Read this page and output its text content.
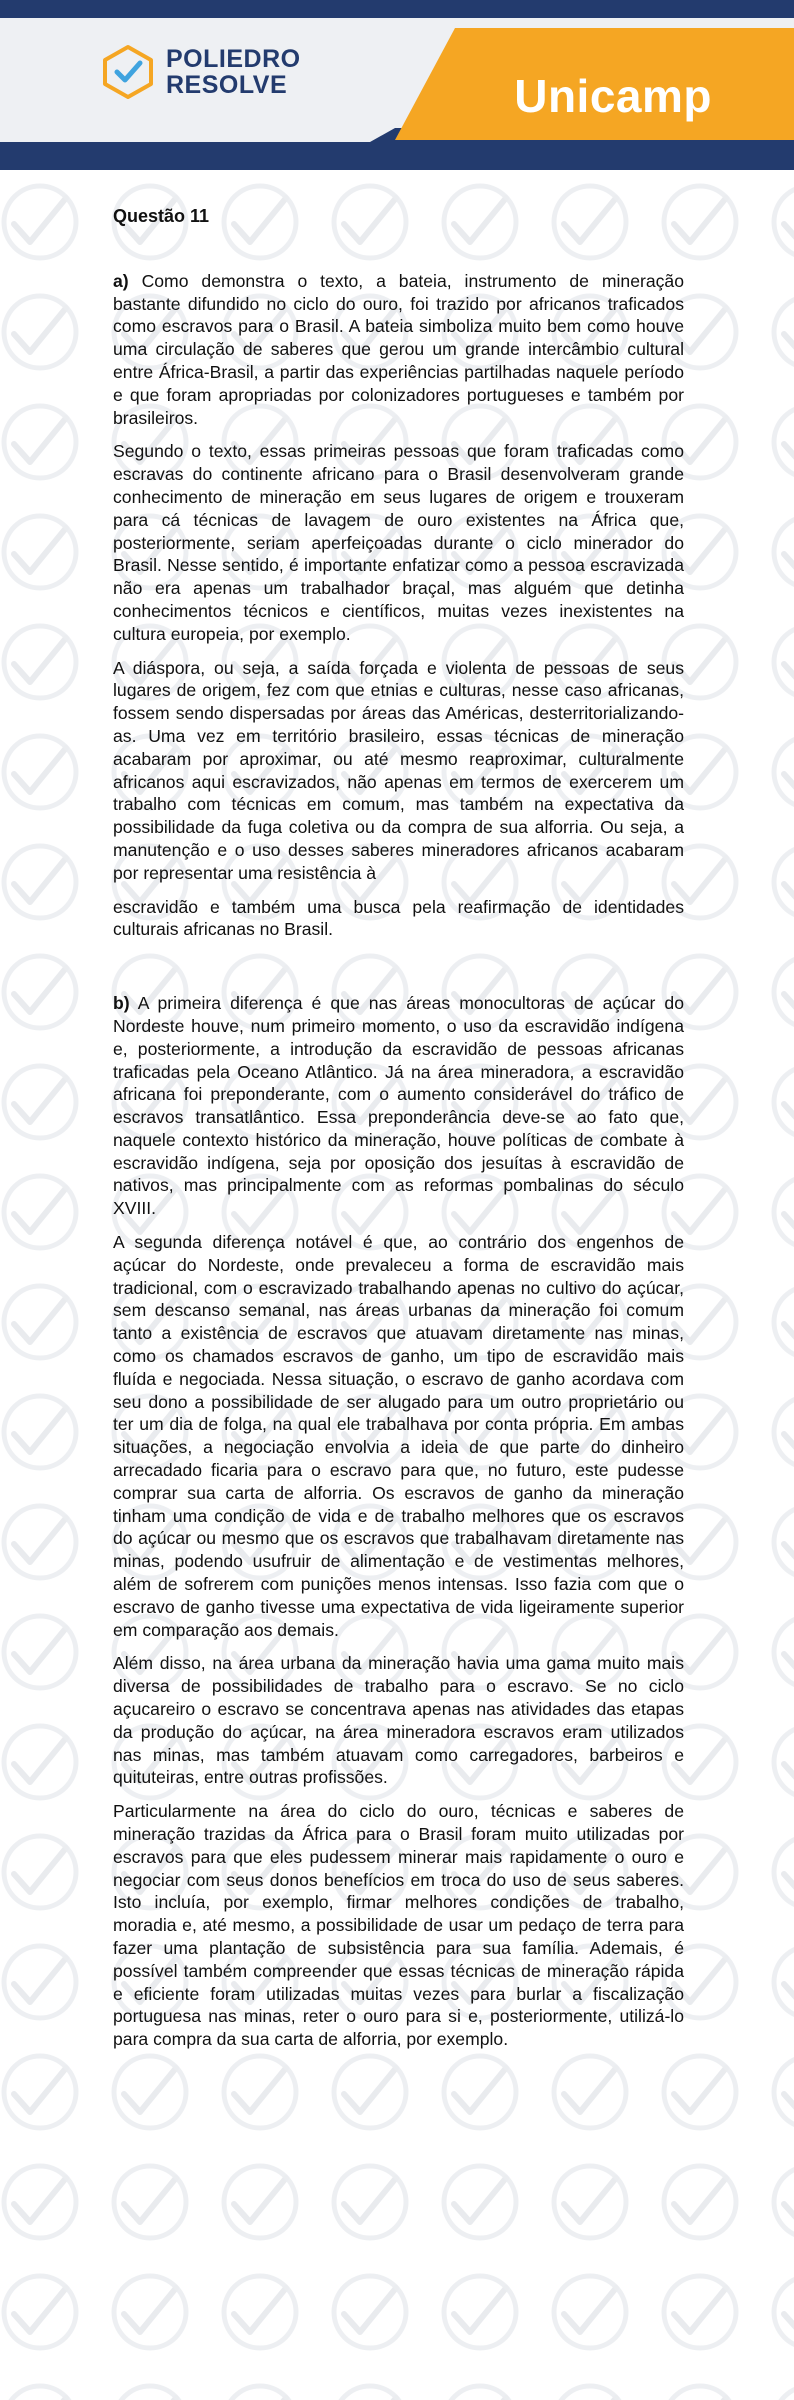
POLIEDRO
RESOLVE	Unicamp
Questão 11

a) Como demonstra o texto, a bateia, instrumento de mineração bastante difundido no ciclo do ouro, foi trazido por africanos traficados como escravos para o Brasil. A bateia simboliza muito bem como houve uma circulação de saberes que gerou um grande intercâmbio cultural entre África-Brasil, a partir das experiências partilhadas naquele período e que foram apropriadas por colonizadores portugueses e também por brasileiros.

Segundo o texto, essas primeiras pessoas que foram traficadas como escravas do continente africano para o Brasil desenvolveram grande conhecimento de mineração em seus lugares de origem e trouxeram para cá técnicas de lavagem de ouro existentes na África que, posteriormente, seriam aperfeiçoadas durante o ciclo minerador do Brasil. Nesse sentido, é importante enfatizar como a pessoa escravizada não era apenas um trabalhador braçal, mas alguém que detinha conhecimentos técnicos e científicos, muitas vezes inexistentes na cultura europeia, por exemplo.

A diáspora, ou seja, a saída forçada e violenta de pessoas de seus lugares de origem, fez com que etnias e culturas, nesse caso africanas, fossem sendo dispersadas por áreas das Américas, desterritorializando-as. Uma vez em território brasileiro, essas técnicas de mineração acabaram por aproximar, ou até mesmo reaproximar, culturalmente africanos aqui escravizados, não apenas em termos de exercerem um trabalho com técnicas em comum, mas também na expectativa da possibilidade da fuga coletiva ou da compra de sua alforria. Ou seja, a manutenção e o uso desses saberes mineradores africanos acabaram por representar uma resistência à

escravidão e também uma busca pela reafirmação de identidades culturais africanas no Brasil.

b) A primeira diferença é que nas áreas monocultoras de açúcar do Nordeste houve, num primeiro momento, o uso da escravidão indígena e, posteriormente, a introdução da escravidão de pessoas africanas traficadas pela Oceano Atlântico. Já na área mineradora, a escravidão africana foi preponderante, com o aumento considerável do tráfico de escravos transatlântico. Essa preponderância deve-se ao fato que, naquele contexto histórico da mineração, houve políticas de combate à escravidão indígena, seja por oposição dos jesuítas à escravidão de nativos, mas principalmente com as reformas pombalinas do século XVIII.

A segunda diferença notável é que, ao contrário dos engenhos de açúcar do Nordeste, onde prevaleceu a forma de escravidão mais tradicional, com o escravizado trabalhando apenas no cultivo do açúcar, sem descanso semanal, nas áreas urbanas da mineração foi comum tanto a existência de escravos que atuavam diretamente nas minas, como os chamados escravos de ganho, um tipo de escravidão mais fluída e negociada. Nessa situação, o escravo de ganho acordava com seu dono a possibilidade de ser alugado para um outro proprietário ou ter um dia de folga, na qual ele trabalhava por conta própria. Em ambas situações, a negociação envolvia a ideia de que parte do dinheiro arrecadado ficaria para o escravo para que, no futuro, este pudesse comprar sua carta de alforria. Os escravos de ganho da mineração tinham uma condição de vida e de trabalho melhores que os escravos do açúcar ou mesmo que os escravos que trabalhavam diretamente nas minas, podendo usufruir de alimentação e de vestimentas melhores, além de sofrerem com punições menos intensas. Isso fazia com que o escravo de ganho tivesse uma expectativa de vida ligeiramente superior em comparação aos demais.

Além disso, na área urbana da mineração havia uma gama muito mais diversa de possibilidades de trabalho para o escravo. Se no ciclo açucareiro o escravo se concentrava apenas nas atividades das etapas da produção do açúcar, na área mineradora escravos eram utilizados nas minas, mas também atuavam como carregadores, barbeiros e quituteiras, entre outras profissões.

Particularmente na área do ciclo do ouro, técnicas e saberes de mineração trazidas da África para o Brasil foram muito utilizadas por escravos para que eles pudessem minerar mais rapidamente o ouro e negociar com seus donos benefícios em troca do uso de seus saberes. Isto incluía, por exemplo, firmar melhores condições de trabalho, moradia e, até mesmo, a possibilidade de usar um pedaço de terra para fazer uma plantação de subsistência para sua família. Ademais, é possível também compreender que essas técnicas de mineração rápida e eficiente foram utilizadas muitas vezes para burlar a fiscalização portuguesa nas minas, reter o ouro para si e, posteriormente, utilizá-lo para compra da sua carta de alforria, por exemplo.
